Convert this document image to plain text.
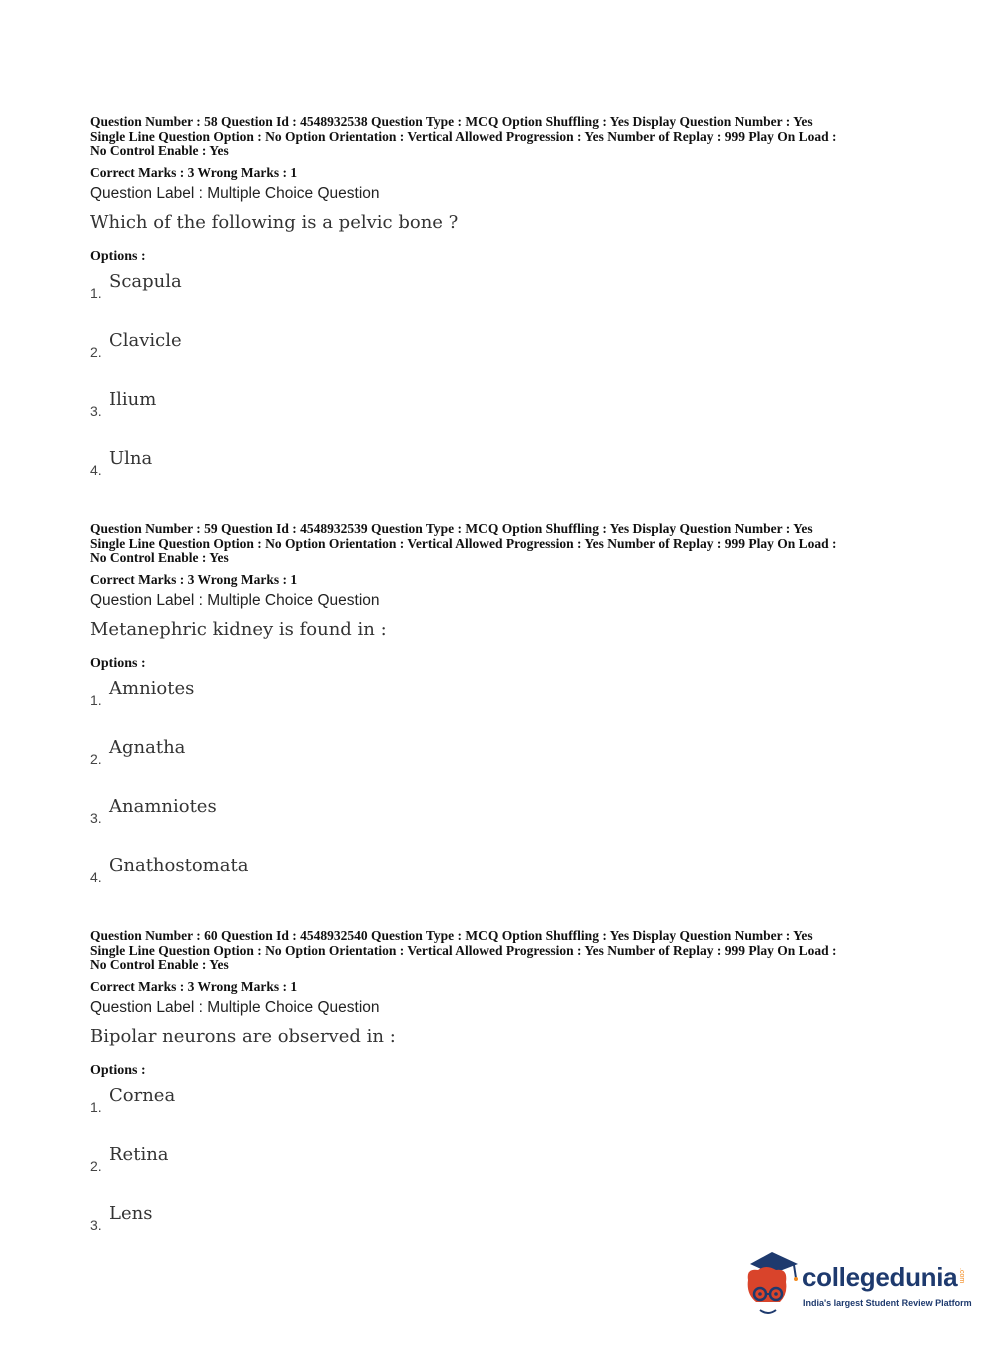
Question Number : 58 Question Id : 4548932538 Question Type : MCQ Option Shuffling : Yes Display Question Number : Yes
Single Line Question Option : No Option Orientation : Vertical Allowed Progression : Yes Number of Replay : 999 Play On Load :
No Control Enable : Yes

Correct Marks : 3 Wrong Marks : 1
Question Label : Multiple Choice Question
Which of the following is a pelvic bone ?
Options :
1.
Scapula
2.
Clavicle
3.
Ilium
4.
Ulna

Question Number : 59 Question Id : 4548932539 Question Type : MCQ Option Shuffling : Yes Display Question Number : Yes
Single Line Question Option : No Option Orientation : Vertical Allowed Progression : Yes Number of Replay : 999 Play On Load :
No Control Enable : Yes

Correct Marks : 3 Wrong Marks : 1
Question Label : Multiple Choice Question
Metanephric kidney is found in :
Options :
1.
Amniotes
2.
Agnatha
3.
Anamniotes
4.
Gnathostomata

Question Number : 60 Question Id : 4548932540 Question Type : MCQ Option Shuffling : Yes Display Question Number : Yes
Single Line Question Option : No Option Orientation : Vertical Allowed Progression : Yes Number of Replay : 999 Play On Load :
No Control Enable : Yes

Correct Marks : 3 Wrong Marks : 1
Question Label : Multiple Choice Question
Bipolar neurons are observed in :
Options :
1.
Cornea
2.
Retina
3.
Lens
collegedunia .com
India's largest Student Review Platform
